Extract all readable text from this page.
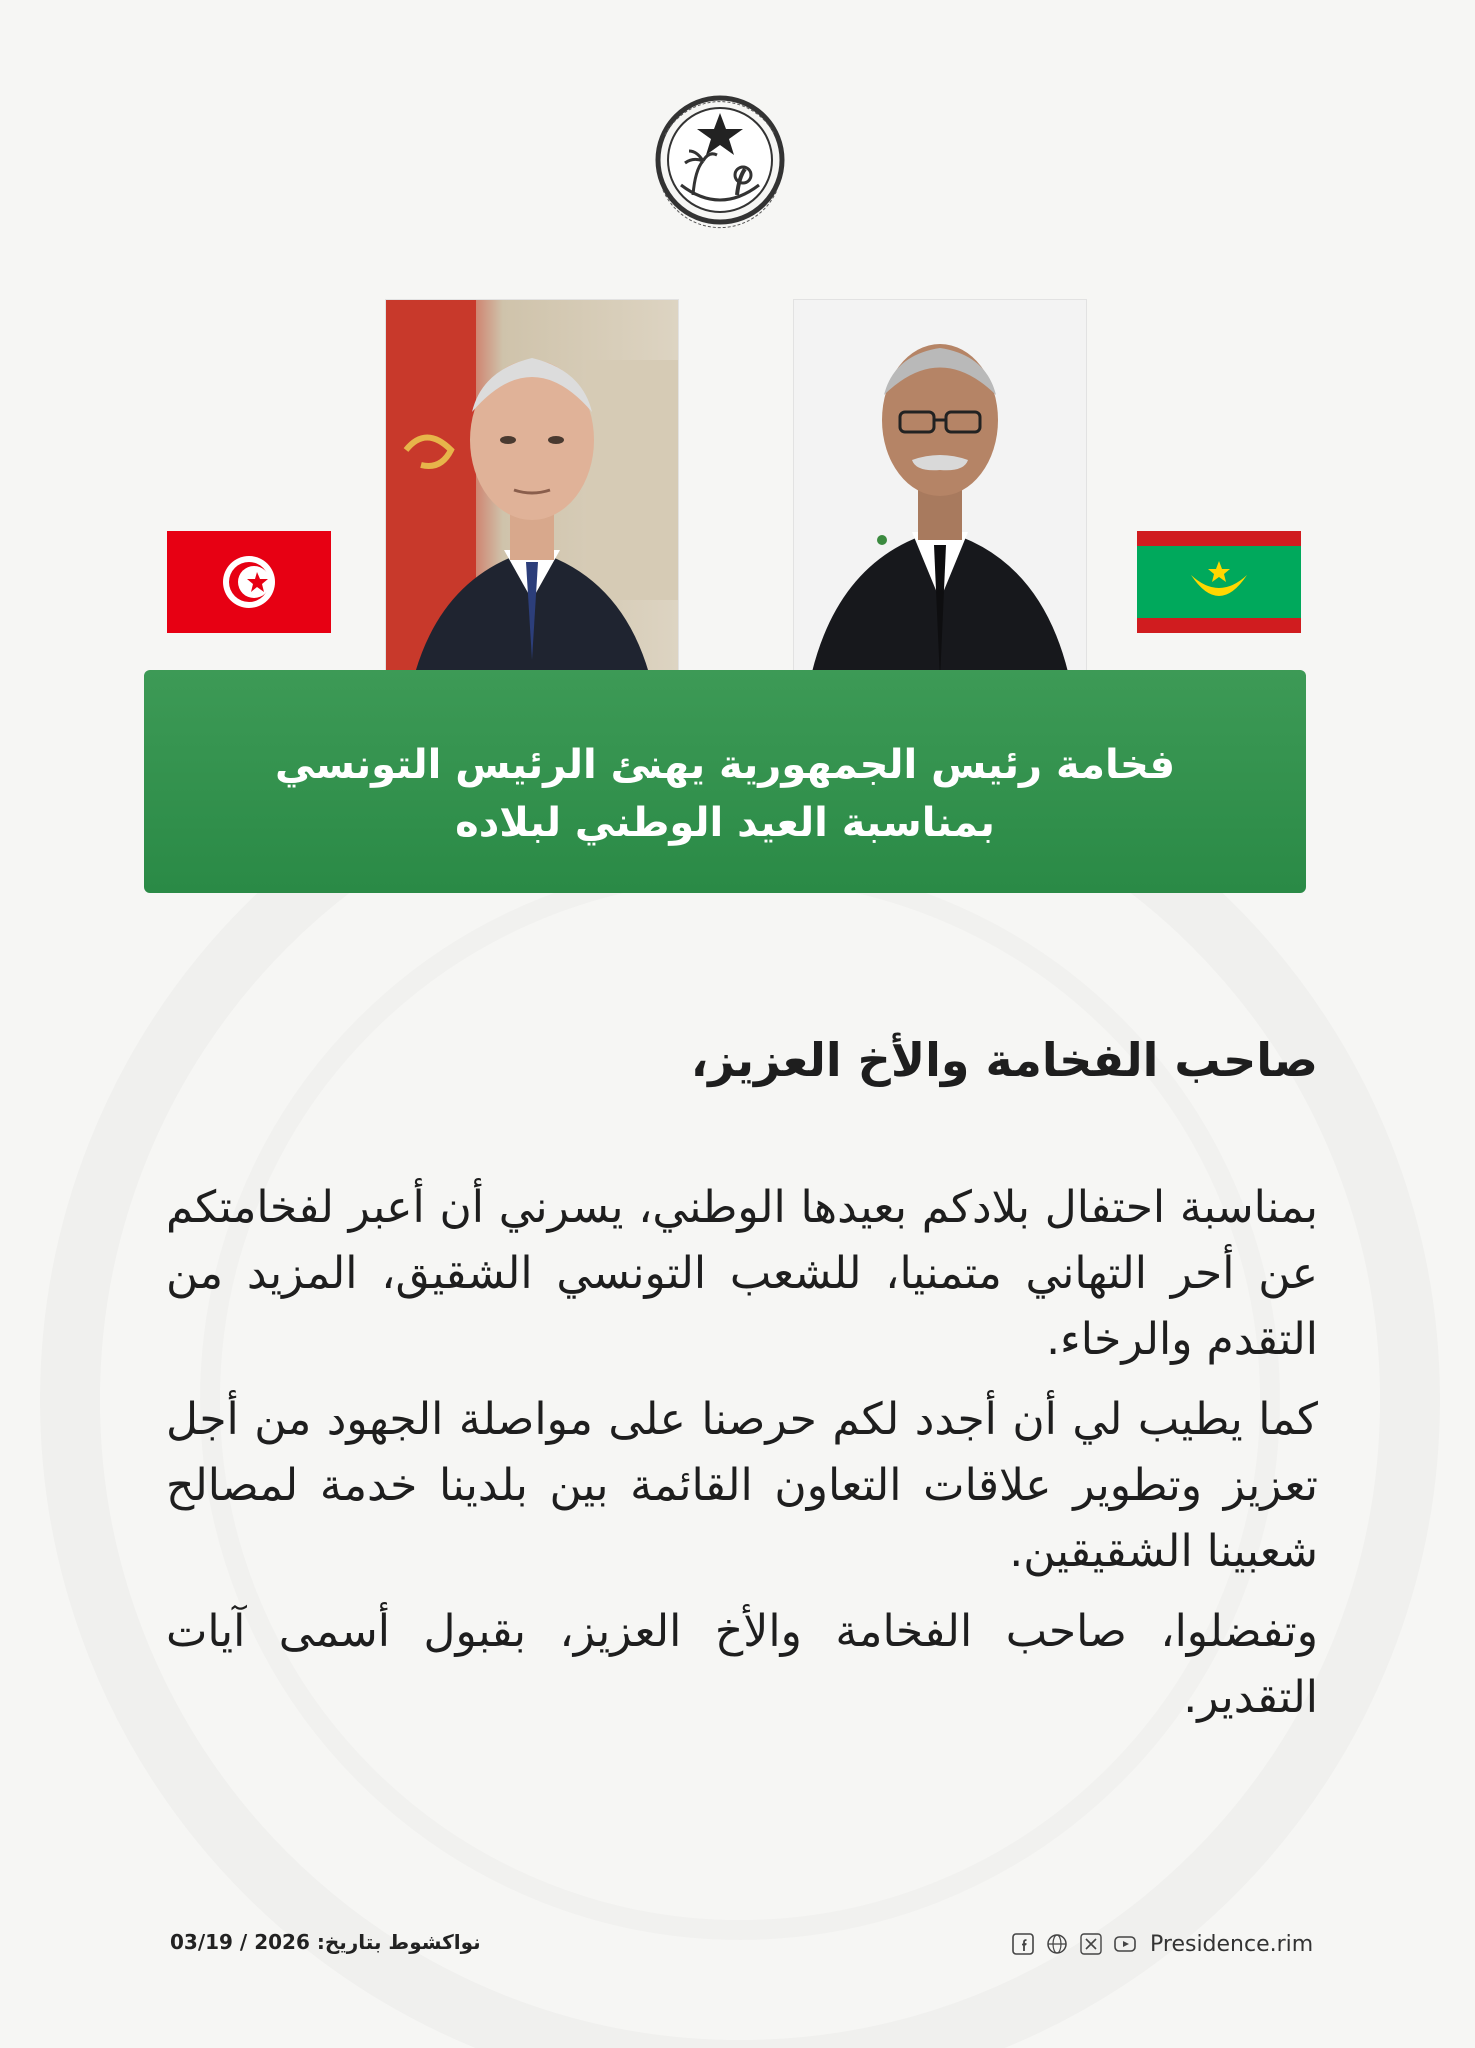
فخامة رئيس الجمهورية يهنئ الرئيس التونسي
بمناسبة العيد الوطني لبلاده
صاحب الفخامة والأخ العزيز،

بمناسبة احتفال بلادكم بعيدها الوطني، يسرني أن أعبر لفخامتكم عن أحر التهاني متمنيا، للشعب التونسي الشقيق، المزيد من التقدم والرخاء.

كما يطيب لي أن أجدد لكم حرصنا على مواصلة الجهود من أجل تعزيز وتطوير علاقات التعاون القائمة بين بلدينا خدمة لمصالح شعبينا الشقيقين.

وتفضلوا، صاحب الفخامة والأخ العزيز، بقبول أسمى آيات التقدير.

نواكشوط بتاريخ: 2026 / 03/19	Presidence.rim
